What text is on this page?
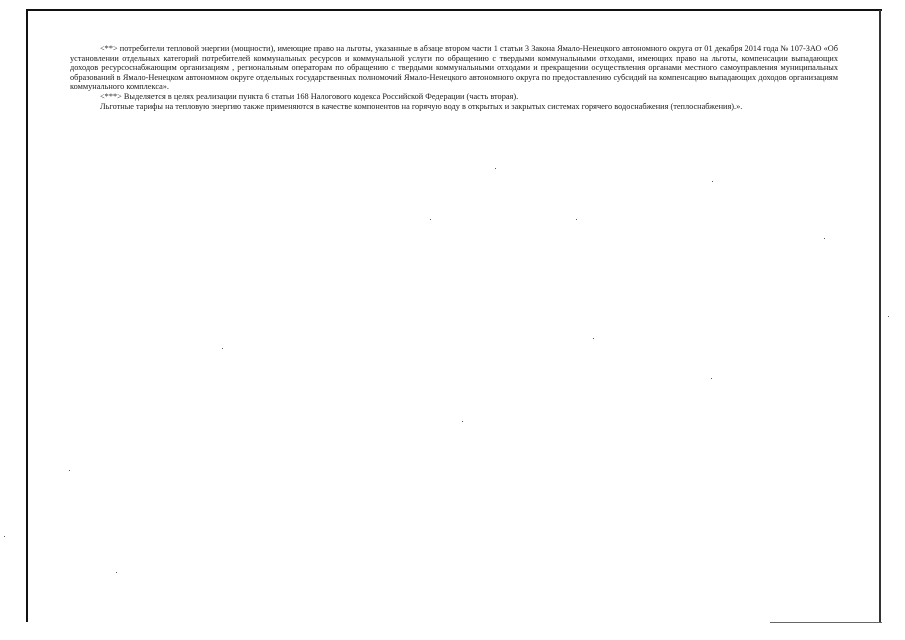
<**> потребители тепловой энергии (мощности), имеющие право на льготы, указанные в абзаце втором части 1 статьи 3 Закона Ямало-Ненецкого автономного округа от 01 декабря 2014 года № 107-ЗАО «Об установлении отдельных категорий потребителей коммунальных ресурсов и коммунальной услуги по обращению с твердыми коммунальными отходами, имеющих право на льготы, компенсации выпадающих доходов ресурсоснабжающим организациям , региональным операторам по обращению с твердыми коммунальными отходами и прекращении осуществления органами местного самоуправления муниципальных образований в Ямало-Ненецком автономном округе отдельных государственных полномочий Ямало-Ненецкого автономного округа по предоставлению субсидий на компенсацию выпадающих доходов организациям коммунального комплекса».

<***> Выделяется в целях реализации пункта 6 статьи 168 Налогового кодекса Российской Федерации (часть вторая).

Льготные тарифы на тепловую энергию также применяются в качестве компонентов на горячую воду в открытых и закрытых системах горячего водоснабжения (теплоснабжения).».
